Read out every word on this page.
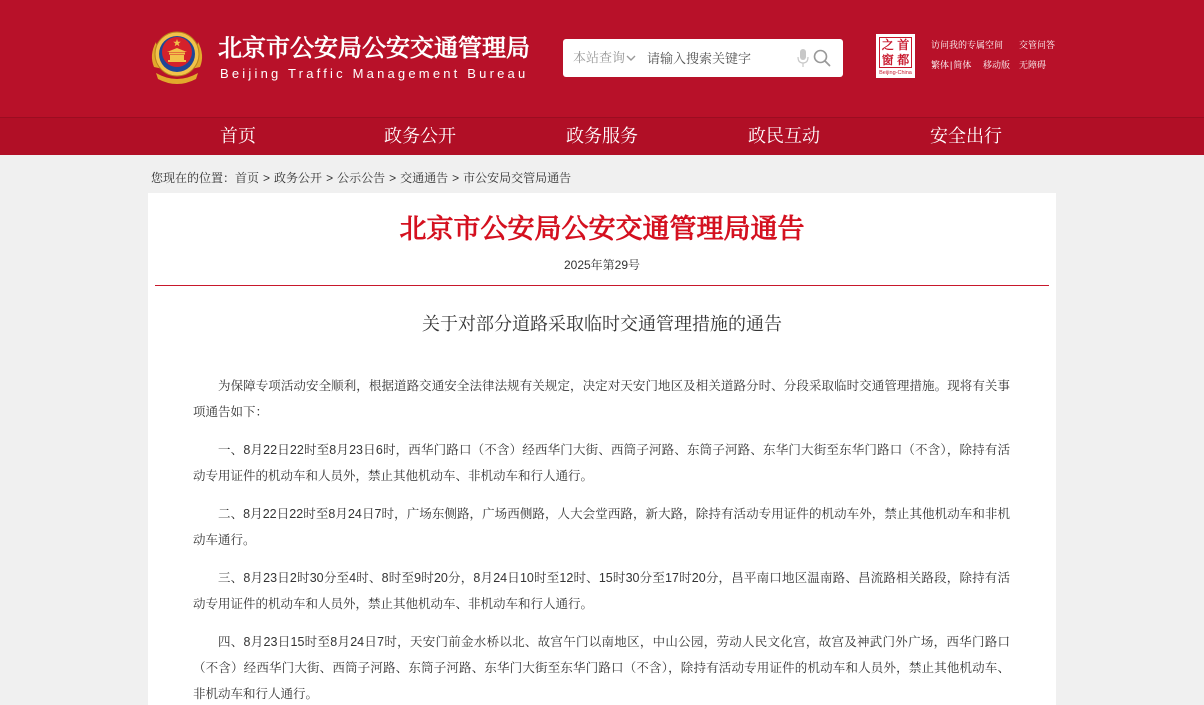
北京市公安局公安交通管理局
Beijing Traffic Management Bureau
本站查询
请输入搜索关键字
首
都
之
窗
Beijing-China
访问我的专属空间 交管问答
繁体|简体 移动版 无障碍
首页	政务公开	政务服务	政民互动	安全出行
您现在的位置：首页 > 政务公开 > 公示公告 > 交通通告 > 市公安局交管局通告
北京市公安局公安交通管理局通告
2025年第29号
关于对部分道路采取临时交通管理措施的通告

为保障专项活动安全顺利，根据道路交通安全法律法规有关规定，决定对天安门地区及相关道路分时、分段采取临时交通管理措施。现将有关事项通告如下：

一、8月22日22时至8月23日6时，西华门路口（不含）经西华门大街、西筒子河路、东筒子河路、东华门大街至东华门路口（不含），除持有活动专用证件的机动车和人员外，禁止其他机动车、非机动车和行人通行。

二、8月22日22时至8月24日7时，广场东侧路，广场西侧路，人大会堂西路，新大路，除持有活动专用证件的机动车外，禁止其他机动车和非机动车通行。

三、8月23日2时30分至4时、8时至9时20分，8月24日10时至12时、15时30分至17时20分，昌平南口地区温南路、昌流路相关路段，除持有活动专用证件的机动车和人员外，禁止其他机动车、非机动车和行人通行。

四、8月23日15时至8月24日7时，天安门前金水桥以北、故宫午门以南地区，中山公园，劳动人民文化宫，故宫及神武门外广场，西华门路口（不含）经西华门大街、西筒子河路、东筒子河路、东华门大街至东华门路口（不含），除持有活动专用证件的机动车和人员外，禁止其他机动车、非机动车和行人通行。
